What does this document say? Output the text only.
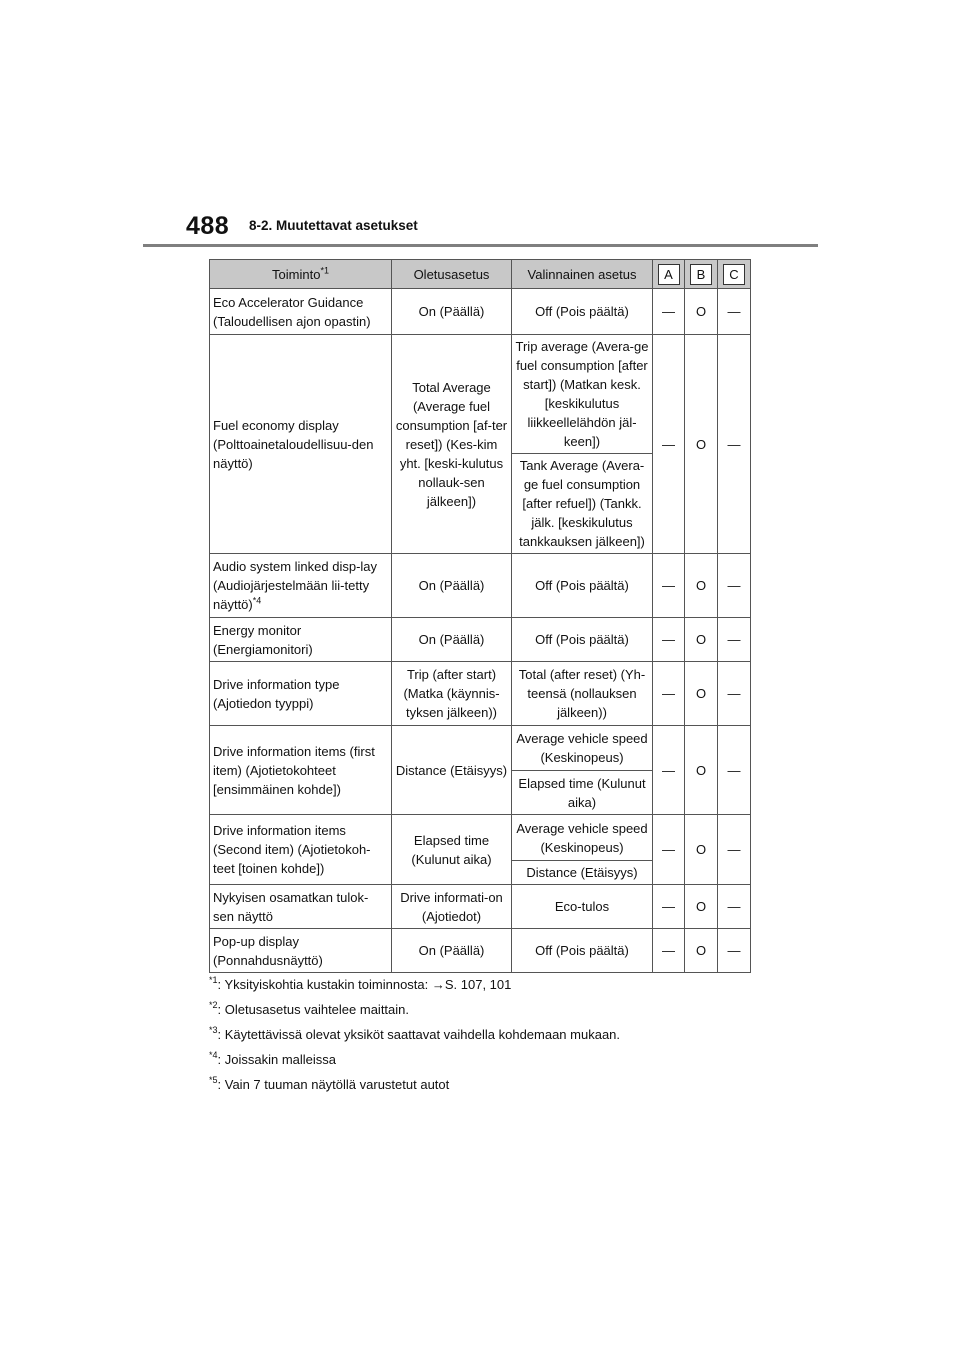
488 8-2. Muutettavat asetukset
Toiminto$^{*1}$	Oletusasetus	Valinnainen asetus	A	B	C
Eco Accelerator Guidance (Taloudellisen ajon opastin)	On (Päällä)	Off (Pois päältä)	—	O	—
Fuel economy display (Polttoainetaloudellisuu-den näyttö)	Total Average (Average fuel consumption [af-ter reset]) (Kes-kim yht. [keski-kulutus nollauk-sen jälkeen])	Trip average (Avera-ge fuel consumption [after start]) (Matkan kesk. [keskikulutus liikkeellelähdön jäl-keen])	—	O	—
		Tank Average (Avera-ge fuel consumption [after refuel]) (Tankk. jälk. [keskikulutus tankkauksen jälkeen])			
Audio system linked disp-lay (Audiojärjestelmään lii-tetty näyttö)$^{*4}$	On (Päällä)	Off (Pois päältä)	—	O	—
Energy monitor (Energiamonitori)	On (Päällä)	Off (Pois päältä)	—	O	—
Drive information type (Ajotiedon tyyppi)	Trip (after start) (Matka (käynnis-tyksen jälkeen))	Total (after reset) (Yh-teensä (nollauksen jälkeen))	—	O	—
Drive information items (first item) (Ajotietokohteet [ensimmäinen kohde])	Distance (Etäisyys)	Average vehicle speed (Keskinopeus)	—	O	—
		Elapsed time (Kulunut aika)			
Drive information items (Second item) (Ajotietokoh-teet [toinen kohde])	Elapsed time (Kulunut aika)	Average vehicle speed (Keskinopeus)	—	O	—
		Distance (Etäisyys)			
Nykyisen osamatkan tulok-sen näyttö	Drive informati-on (Ajotiedot)	Eco-tulos	—	O	—
Pop-up display (Ponnahdusnäyttö)	On (Päällä)	Off (Pois päältä)	—	O	—
$^{*1}$: Yksityiskohtia kustakin toiminnosta: →S. 107, 101
$^{*2}$: Oletusasetus vaihtelee maittain.
$^{*3}$: Käytettävissä olevat yksiköt saattavat vaihdella kohdemaan mukaan.
$^{*4}$: Joissakin malleissa
$^{*5}$: Vain 7 tuuman näytöllä varustetut autot
